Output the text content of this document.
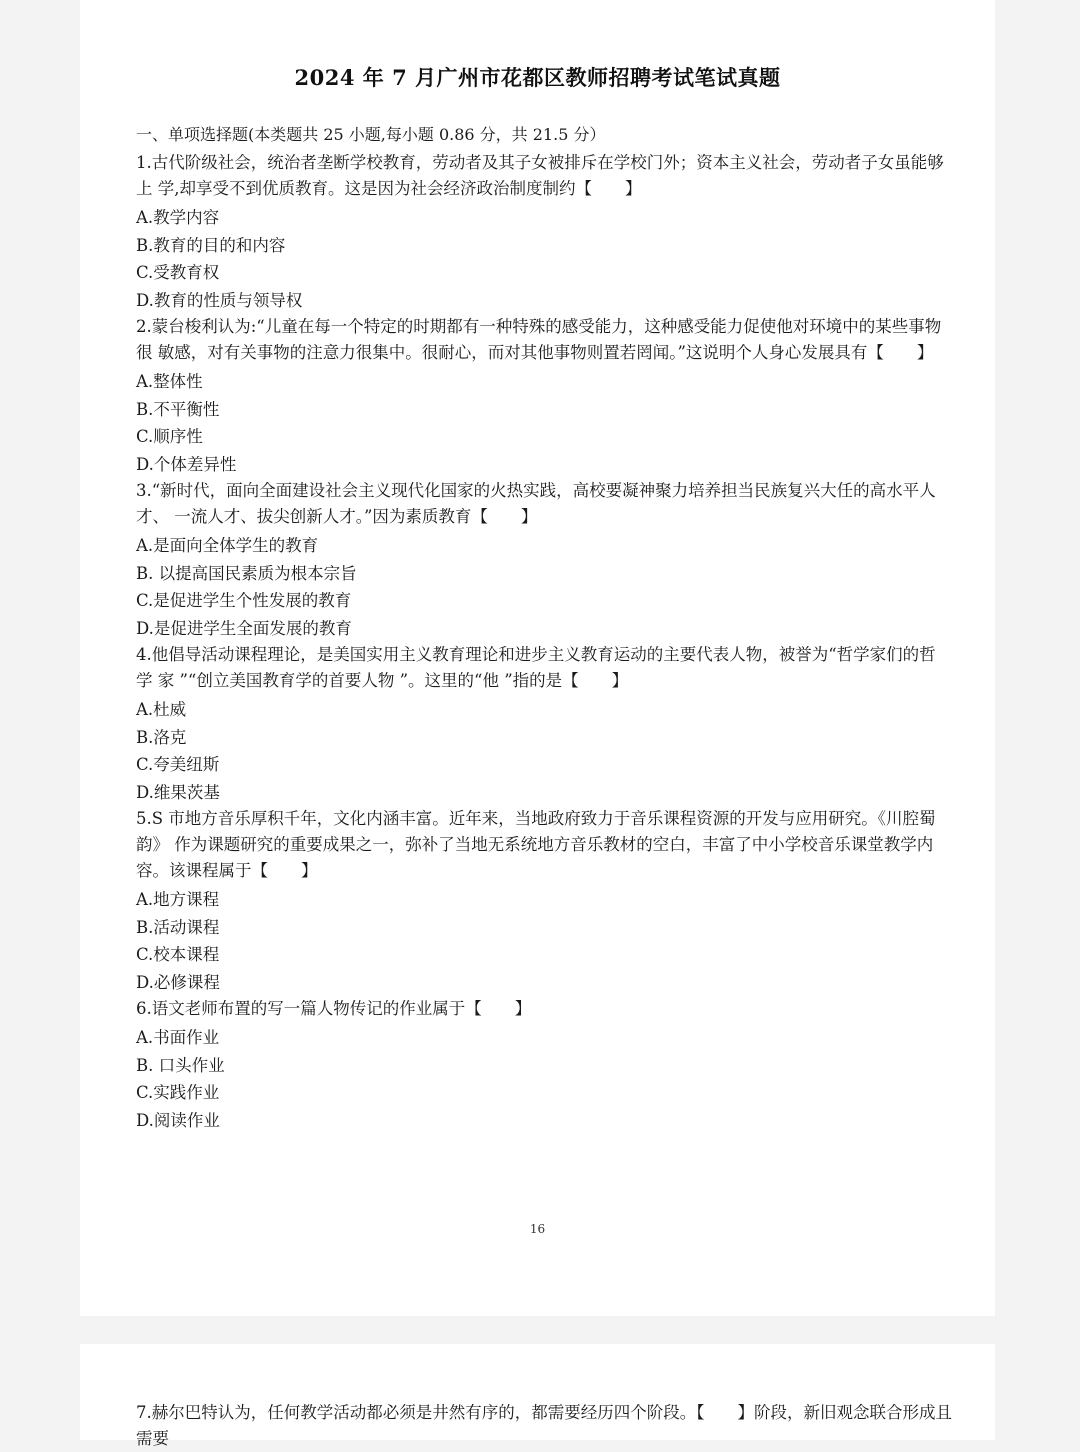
2024 年 7 月广州市花都区教师招聘考试笔试真题
一、单项选择题(本类题共 25 小题,每小题 0.86 分，共 21.5 分）
1.古代阶级社会，统治者垄断学校教育，劳动者及其子女被排斥在学校门外；资本主义社会，劳动者子女虽能够上 学,却享受不到优质教育。这是因为社会经济政治制度制约【　　】
A.教学内容
B.教育的目的和内容
C.受教育权
D.教育的性质与领导权
2.蒙台梭利认为:“儿童在每一个特定的时期都有一种特殊的感受能力，这种感受能力促使他对环境中的某些事物很 敏感，对有关事物的注意力很集中。很耐心，而对其他事物则置若罔闻。”这说明个人身心发展具有【　　】
A.整体性
B.不平衡性
C.顺序性
D.个体差异性
3.“新时代，面向全面建设社会主义现代化国家的火热实践，高校要凝神聚力培养担当民族复兴大任的高水平人才、 一流人才、拔尖创新人才。”因为素质教育【　　】
A.是面向全体学生的教育
B. 以提高国民素质为根本宗旨
C.是促进学生个性发展的教育
D.是促进学生全面发展的教育
4.他倡导活动课程理论，是美国实用主义教育理论和进步主义教育运动的主要代表人物，被誉为“哲学家们的哲学 家 ”“创立美国教育学的首要人物 ”。这里的“他 ”指的是【　　】
A.杜威
B.洛克
C.夸美纽斯
D.维果茨基
5.S 市地方音乐厚积千年，文化内涵丰富。近年来，当地政府致力于音乐课程资源的开发与应用研究。《川腔蜀韵》 作为课题研究的重要成果之一，弥补了当地无系统地方音乐教材的空白，丰富了中小学校音乐课堂教学内容。该课程属于【　　】
A.地方课程
B.活动课程
C.校本课程
D.必修课程
6.语文老师布置的写一篇人物传记的作业属于【　　】
A.书面作业
B. 口头作业
C.实践作业
D.阅读作业
16
7.赫尔巴特认为，任何教学活动都必须是井然有序的，都需要经历四个阶段。【　　】阶段，新旧观念联合形成且需要
